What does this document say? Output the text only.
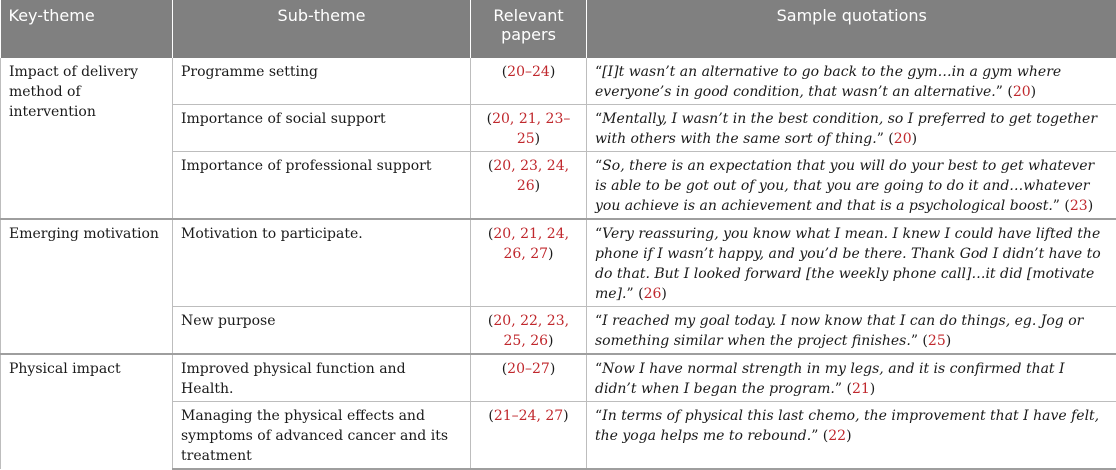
Key-theme	Sub-theme	Relevant papers	Sample quotations
Impact of delivery method of intervention	Programme setting	(20–24)	“[I]t wasn’t an alternative to go back to the gym…in a gym where everyone’s in good condition, that wasn’t an alternative.” (20)
	Importance of social support	(20, 21, 23–25)	“Mentally, I wasn’t in the best condition, so I preferred to get together with others with the same sort of thing.” (20)
	Importance of professional support	(20, 23, 24, 26)	“So, there is an expectation that you will do your best to get whatever is able to be got out of you, that you are going to do it and…whatever you achieve is an achievement and that is a psychological boost.” (23)
Emerging motivation	Motivation to participate.	(20, 21, 24, 26, 27)	“Very reassuring, you know what I mean. I knew I could have lifted the phone if I wasn’t happy, and you’d be there. Thank God I didn’t have to do that. But I looked forward [the weekly phone call]…it did [motivate me].” (26)
	New purpose	(20, 22, 23, 25, 26)	“I reached my goal today. I now know that I can do things, eg. Jog or something similar when the project finishes.” (25)
Physical impact	Improved physical function and Health.	(20–27)	“Now I have normal strength in my legs, and it is confirmed that I didn’t when I began the program.” (21)
	Managing the physical effects and symptoms of advanced cancer and its treatment	(21–24, 27)	“In terms of physical this last chemo, the improvement that I have felt, the yoga helps me to rebound.” (22)
